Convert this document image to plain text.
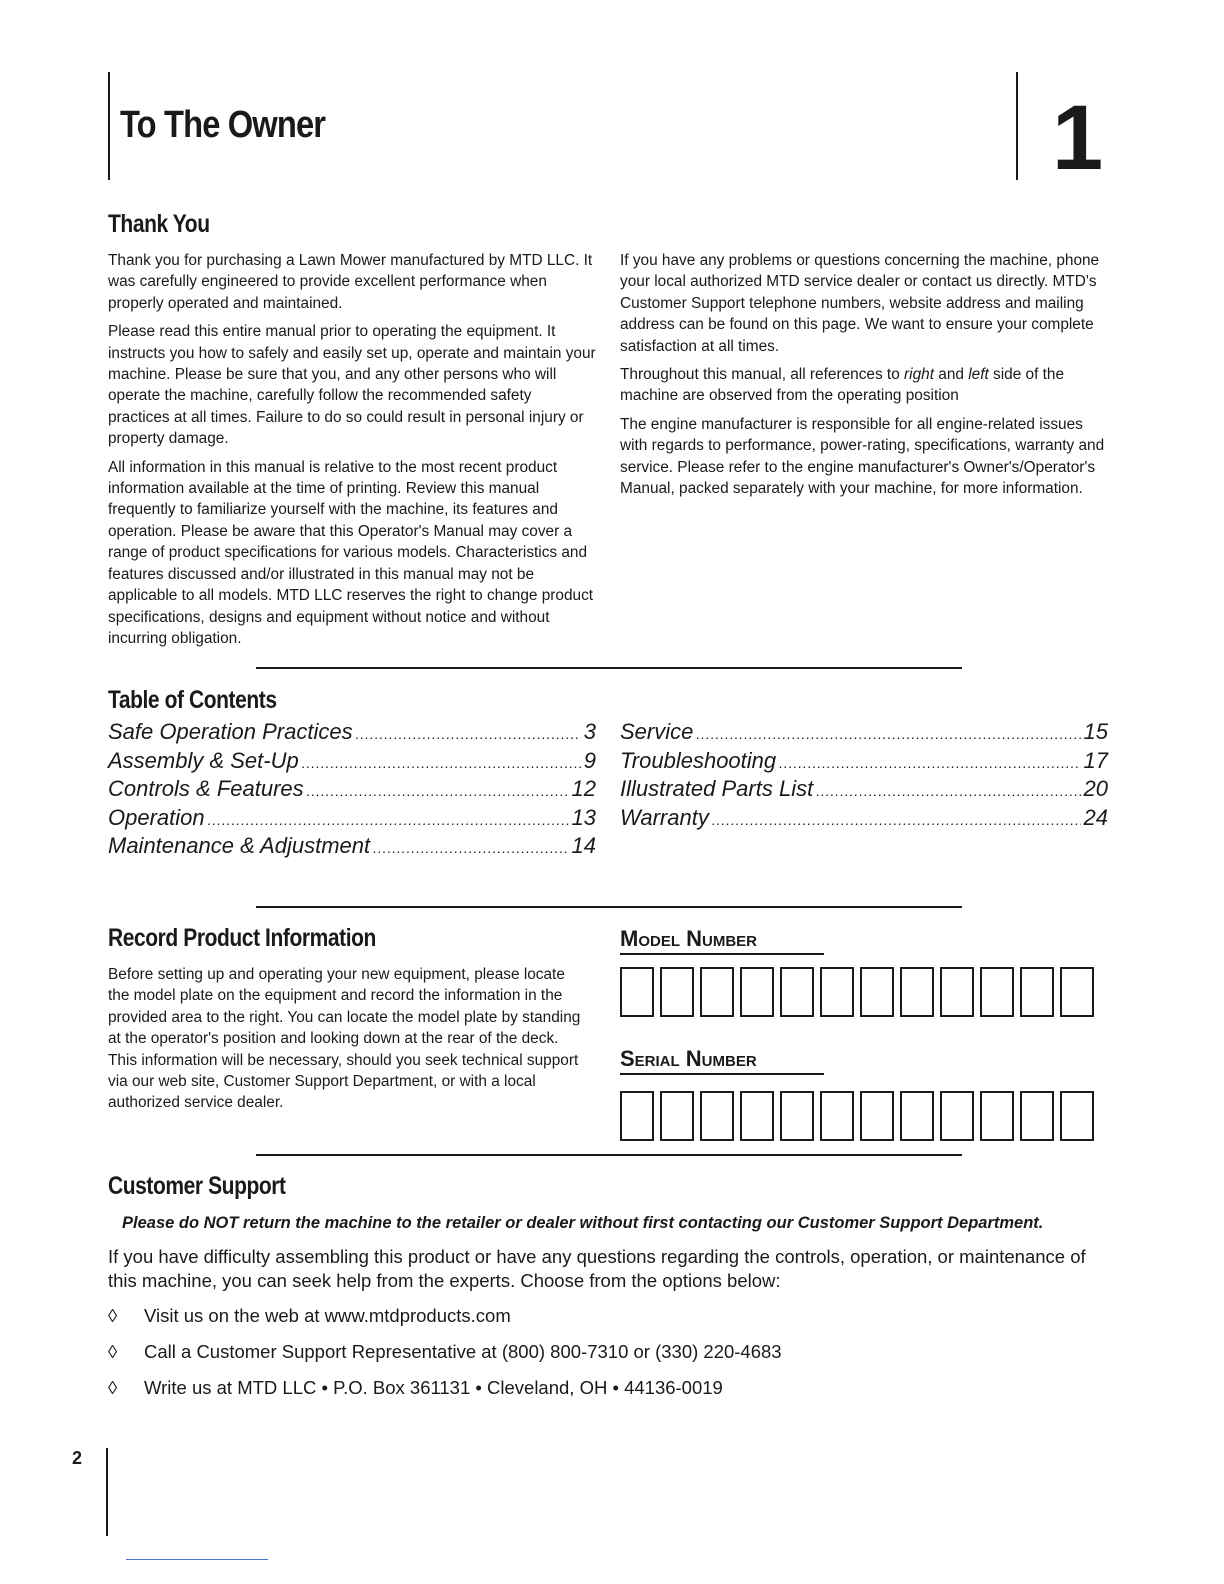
To The Owner	1
Thank You

Thank you for purchasing a Lawn Mower manufactured by MTD LLC. It was carefully engineered to provide excellent performance when properly operated and maintained.

Please read this entire manual prior to operating the equipment. It instructs you how to safely and easily set up, operate and maintain your machine. Please be sure that you, and any other persons who will operate the machine, carefully follow the recommended safety practices at all times. Failure to do so could result in personal injury or property damage.

All information in this manual is relative to the most recent product information available at the time of printing. Review this manual frequently to familiarize yourself with the machine, its features and operation. Please be aware that this Operator's Manual may cover a range of product specifications for various models. Characteristics and features discussed and/or illustrated in this manual may not be applicable to all models. MTD LLC reserves the right to change product specifications, designs and equipment without notice and without incurring obligation.

If you have any problems or questions concerning the machine, phone your local authorized MTD service dealer or contact us directly. MTD's Customer Support telephone numbers, website address and mailing address can be found on this page. We want to ensure your complete satisfaction at all times.

Throughout this manual, all references to right and left side of the machine are observed from the operating position

The engine manufacturer is responsible for all engine-related issues with regards to performance, power-rating, specifications, warranty and service. Please refer to the engine manufacturer's Owner's/Operator's Manual, packed separately with your machine, for more information.

Table of Contents
Safe Operation Practices . . .	3
Assembly & Set-Up . . .	9
Controls & Features . . .	12
Operation . . .	13
Maintenance & Adjustment . . .	14
Service . . .	15
Troubleshooting . . .	17
Illustrated Parts List . . .	20
Warranty . . .	24
Record Product Information
Before setting up and operating your new equipment, please locate the model plate on the equipment and record the information in the provided area to the right. You can locate the model plate by standing at the operator's position and looking down at the rear of the deck. This information will be necessary, should you seek technical support via our web site, Customer Support Department, or with a local authorized service dealer.
Model Number
Serial Number
Customer Support
Please do NOT return the machine to the retailer or dealer without first contacting our Customer Support Department.
If you have difficulty assembling this product or have any questions regarding the controls, operation, or maintenance of this machine, you can seek help from the experts. Choose from the options below:
◊	Visit us on the web at www.mtdproducts.com
◊	Call a Customer Support Representative at (800) 800-7310 or (330) 220-4683
◊	Write us at MTD LLC • P.O. Box 361131 • Cleveland, OH • 44136-0019
2
